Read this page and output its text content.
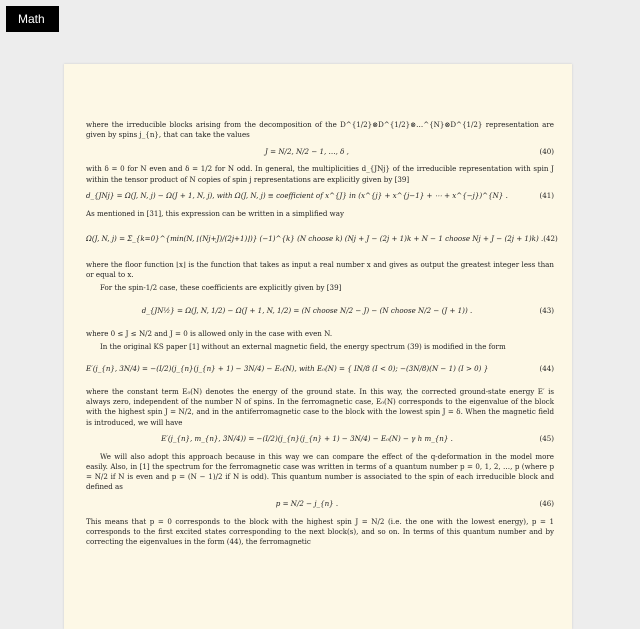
Math

where the irreducible blocks arising from the decomposition of the D^{1/2}⊗D^{1/2}⊗…^{N}⊗D^{1/2} representation are given by spins j_{n}, that can take the values

J = N/2, N/2 − 1, …, δ ,	(40)

with δ = 0 for N even and δ = 1/2 for N odd. In general, the multiplicities d_{JNj} of the irreducible representation with spin J within the tensor product of N copies of spin j representations are explicitly given by [39]

d_{JNj} = Ω(J, N, j) − Ω(J + 1, N, j), with Ω(J, N, j) ≡ coefficient of x^{J} in (x^{j} + x^{j−1} + ⋯ + x^{−j})^{N} .	(41)

As mentioned in [31], this expression can be written in a simplified way

Ω(J, N, j) = Σ_{k=0}^{min(N, ⌊(Nj+J)/(2j+1)⌋)} (−1)^{k} (N choose k) (Nj + J − (2j + 1)k + N − 1 choose Nj + J − (2j + 1)k) . (42)

where the floor function ⌊x⌋ is the function that takes as input a real number x and gives as output the greatest integer less than or equal to x.

For the spin-1/2 case, these coefficients are explicitly given by [39]

d_{JN½} = Ω(J, N, 1/2) − Ω(J + 1, N, 1/2) = (N choose N/2 − J) − (N choose N/2 − (J + 1)) .	(43)

where 0 ≤ J ≤ N/2 and J = 0 is allowed only in the case with even N.

In the original KS paper [1] without an external magnetic field, the energy spectrum (39) is modified in the form

E′(j_{n}, 3N/4) = −(I/2)(j_{n}(j_{n} + 1) − 3N/4) − E₀(N), with E₀(N) = { IN/8 (I < 0); −(3N/8)(N − 1) (I > 0) }	(44)

where the constant term E₀(N) denotes the energy of the ground state. In this way, the corrected ground-state energy E′ is always zero, independent of the number N of spins. In the ferromagnetic case, E₀(N) corresponds to the eigenvalue of the block with the highest spin J = N/2, and in the antiferromagnetic case to the block with the lowest spin J = δ. When the magnetic field is introduced, we will have

E′(j_{n}, m_{n}, 3N/4)) = −(I/2)(j_{n}(j_{n} + 1) − 3N/4) − E₀(N) − γ h m_{n} .	(45)

We will also adopt this approach because in this way we can compare the effect of the q-deformation in the model more easily. Also, in [1] the spectrum for the ferromagnetic case was written in terms of a quantum number p = 0, 1, 2, …, p (where p = N/2 if N is even and p = (N − 1)/2 if N is odd). This quantum number is associated to the spin of each irreducible block and defined as

p = N/2 − j_{n} .	(46)

This means that p = 0 corresponds to the block with the highest spin J = N/2 (i.e. the one with the lowest energy), p = 1 corresponds to the first excited states corresponding to the next block(s), and so on. In terms of this quantum number and by correcting the eigenvalues in the form (44), the ferromagnetic
